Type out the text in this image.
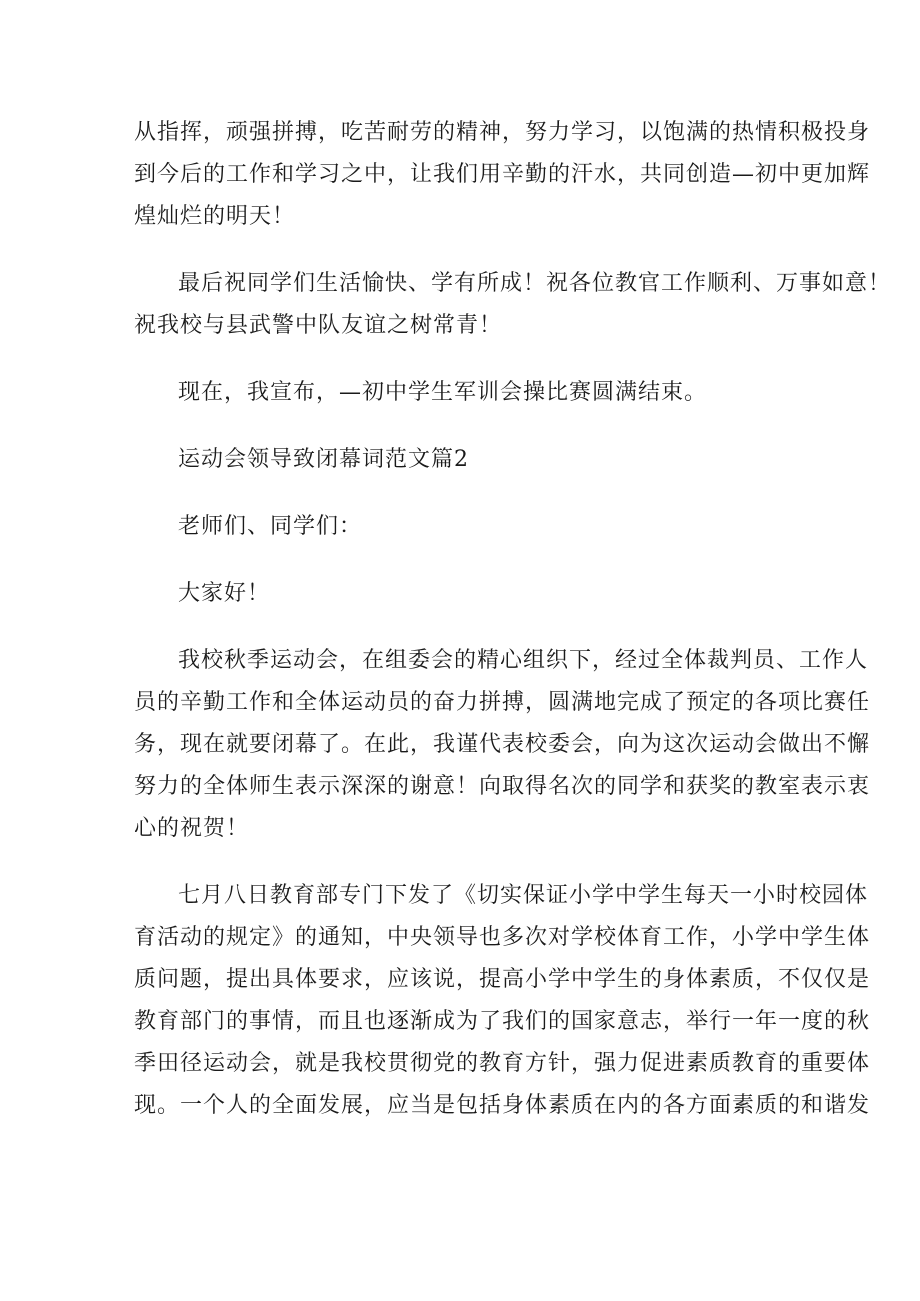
从指挥，顽强拼搏，吃苦耐劳的精神，努力学习，以饱满的热情积极投身
到今后的工作和学习之中，让我们用辛勤的汗水，共同创造—初中更加辉
煌灿烂的明天！
最后祝同学们生活愉快、学有所成！祝各位教官工作顺利、万事如意！
祝我校与县武警中队友谊之树常青！
现在，我宣布，—初中学生军训会操比赛圆满结束。
运动会领导致闭幕词范文篇2
老师们、同学们：
大家好！
我校秋季运动会，在组委会的精心组织下，经过全体裁判员、工作人
员的辛勤工作和全体运动员的奋力拼搏，圆满地完成了预定的各项比赛任
务，现在就要闭幕了。在此，我谨代表校委会，向为这次运动会做出不懈
努力的全体师生表示深深的谢意！向取得名次的同学和获奖的教室表示衷
心的祝贺！
七月八日教育部专门下发了《切实保证小学中学生每天一小时校园体
育活动的规定》的通知，中央领导也多次对学校体育工作，小学中学生体
质问题，提出具体要求，应该说，提高小学中学生的身体素质，不仅仅是
教育部门的事情，而且也逐渐成为了我们的国家意志，举行一年一度的秋
季田径运动会，就是我校贯彻党的教育方针，强力促进素质教育的重要体
现。一个人的全面发展，应当是包括身体素质在内的各方面素质的和谐发
